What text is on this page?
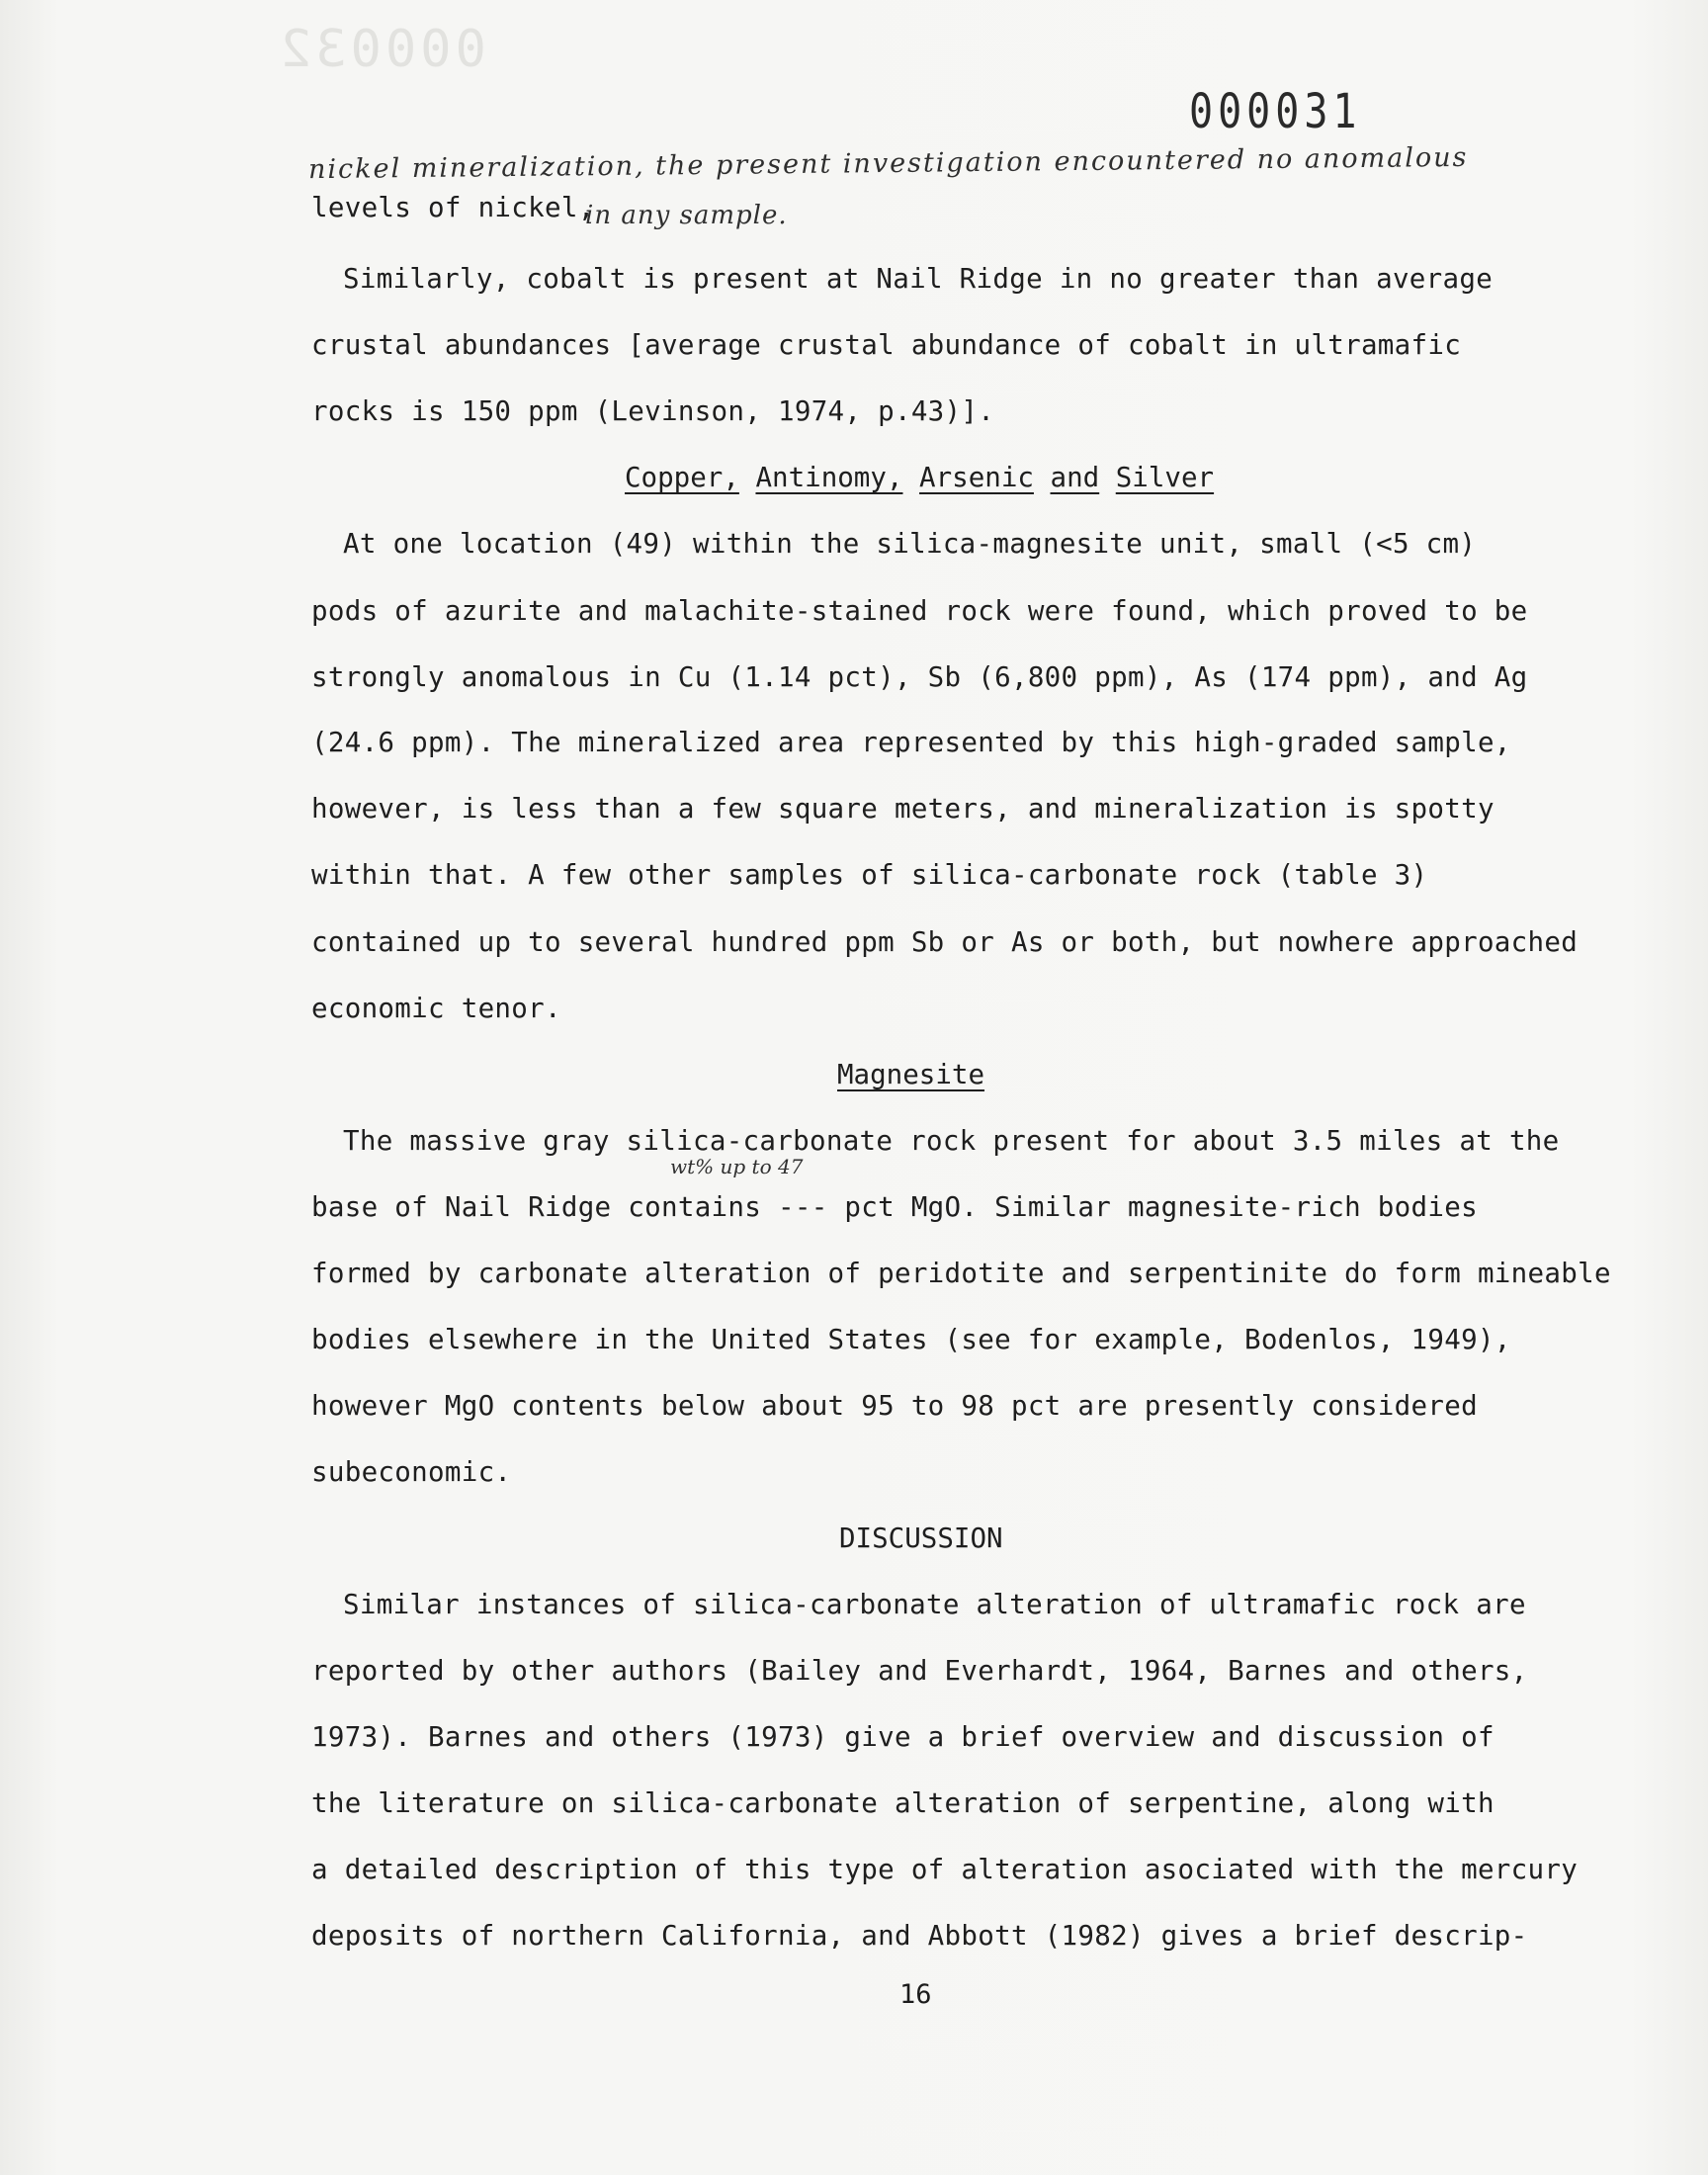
000032
000031
nickel mineralization, the present investigation encountered no anomalous
levels of nickel,
in any sample.
Similarly, cobalt is present at Nail Ridge in no greater than average
crustal abundances [average crustal abundance of cobalt in ultramafic
rocks is 150 ppm (Levinson, 1974, p.43)].
Copper, Antinomy, Arsenic and Silver
At one location (49) within the silica-magnesite unit, small (<5 cm)
pods of azurite and malachite-stained rock were found, which proved to be
strongly anomalous in Cu (1.14 pct), Sb (6,800 ppm), As (174 ppm), and Ag
(24.6 ppm). The mineralized area represented by this high-graded sample,
however, is less than a few square meters, and mineralization is spotty
within that. A few other samples of silica-carbonate rock (table 3)
contained up to several hundred ppm Sb or As or both, but nowhere approached
economic tenor.
Magnesite
The massive gray silica-carbonate rock present for about 3.5 miles at the
wt% up to 47
base of Nail Ridge contains --- pct MgO. Similar magnesite-rich bodies
formed by carbonate alteration of peridotite and serpentinite do form mineable
bodies elsewhere in the United States (see for example, Bodenlos, 1949),
however MgO contents below about 95 to 98 pct are presently considered
subeconomic.
DISCUSSION
Similar instances of silica-carbonate alteration of ultramafic rock are
reported by other authors (Bailey and Everhardt, 1964, Barnes and others,
1973). Barnes and others (1973) give a brief overview and discussion of
the literature on silica-carbonate alteration of serpentine, along with
a detailed description of this type of alteration asociated with the mercury
deposits of northern California, and Abbott (1982) gives a brief descrip-
16
